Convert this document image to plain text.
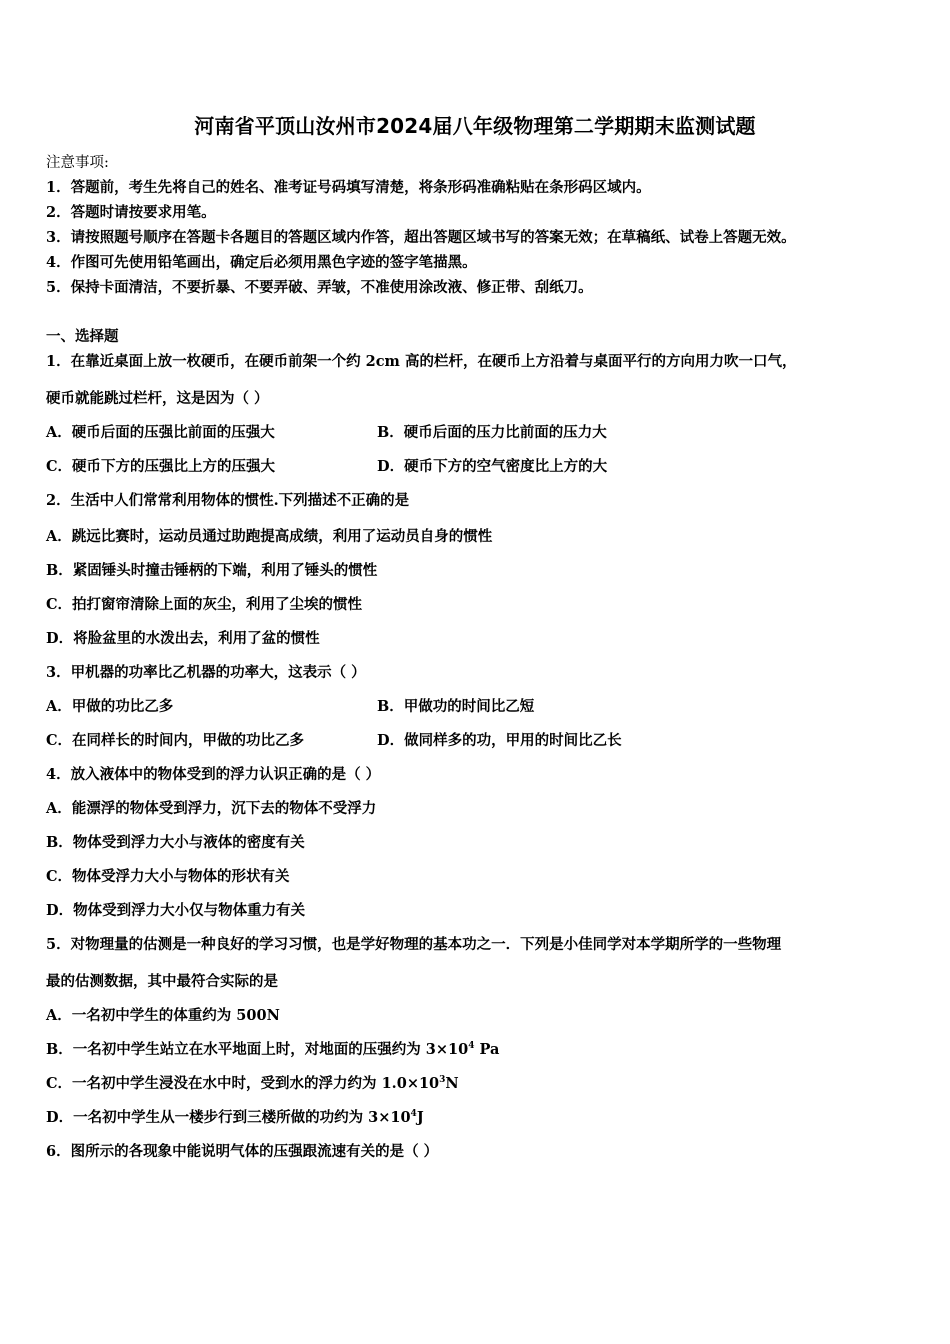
河南省平顶山汝州市2024届八年级物理第二学期期末监测试题
注意事项:
1．答题前，考生先将自己的姓名、准考证号码填写清楚，将条形码准确粘贴在条形码区域内。
2．答题时请按要求用笔。
3．请按照题号顺序在答题卡各题目的答题区域内作答，超出答题区域书写的答案无效；在草稿纸、试卷上答题无效。
4．作图可先使用铅笔画出，确定后必须用黑色字迹的签字笔描黑。
5．保持卡面清洁，不要折暴、不要弄破、弄皱，不准使用涂改液、修正带、刮纸刀。
一、选择题
1．在靠近桌面上放一枚硬币，在硬币前架一个约 2cm 高的栏杆，在硬币上方沿着与桌面平行的方向用力吹一口气，
硬币就能跳过栏杆，这是因为（ ）
A．硬币后面的压强比前面的压强大	B．硬币后面的压力比前面的压力大
C．硬币下方的压强比上方的压强大	D．硬币下方的空气密度比上方的大
2．生活中人们常常利用物体的惯性.下列描述不正确的是
A．跳远比赛时，运动员通过助跑提高成绩，利用了运动员自身的惯性
B．紧固锤头时撞击锤柄的下端，利用了锤头的惯性
C．拍打窗帘清除上面的灰尘，利用了尘埃的惯性
D．将脸盆里的水泼出去，利用了盆的惯性
3．甲机器的功率比乙机器的功率大，这表示（ ）
A．甲做的功比乙多	B．甲做功的时间比乙短
C．在同样长的时间内，甲做的功比乙多	D．做同样多的功，甲用的时间比乙长
4．放入液体中的物体受到的浮力认识正确的是（ ）
A．能漂浮的物体受到浮力，沉下去的物体不受浮力
B．物体受到浮力大小与液体的密度有关
C．物体受浮力大小与物体的形状有关
D．物体受到浮力大小仅与物体重力有关
5．对物理量的估测是一种良好的学习习惯，也是学好物理的基本功之一．下列是小佳同学对本学期所学的一些物理
最的估测数据，其中最符合实际的是
A．一名初中学生的体重约为 500N
B．一名初中学生站立在水平地面上时，对地面的压强约为 $3\times 10^4$ Pa
C．一名初中学生浸没在水中时，受到水的浮力约为 $1.0\times 10^3N$
D．一名初中学生从一楼步行到三楼所做的功约为 $3\times 10^4J$
6．图所示的各现象中能说明气体的压强跟流速有关的是（ ）
